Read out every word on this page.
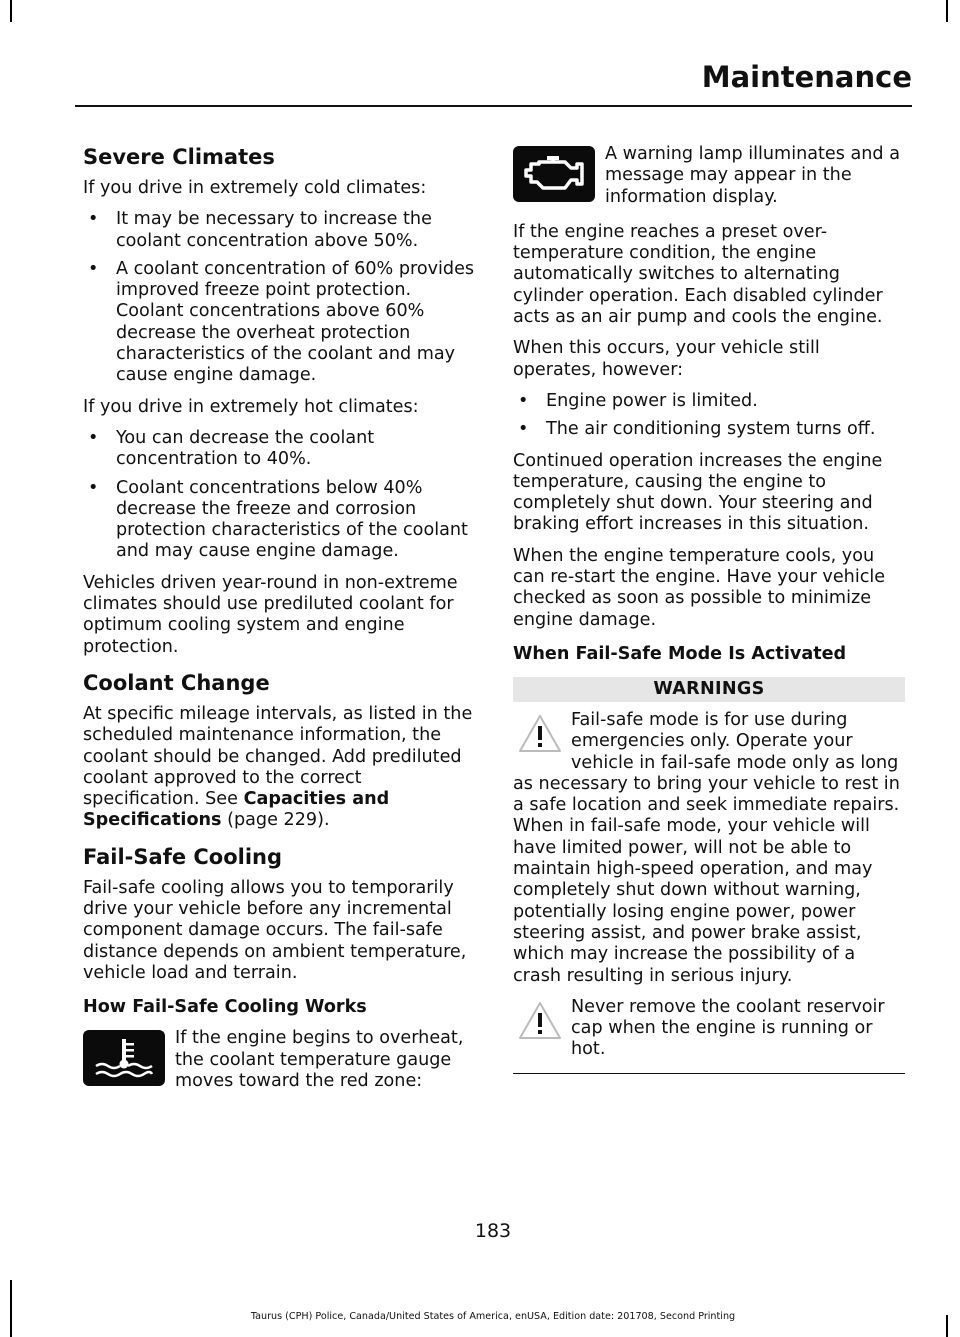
Maintenance
Severe Climates

If you drive in extremely cold climates:

• It may be necessary to increase the coolant concentration above 50%.
• A coolant concentration of 60% provides improved freeze point protection. Coolant concentrations above 60% decrease the overheat protection characteristics of the coolant and may cause engine damage.

If you drive in extremely hot climates:

• You can decrease the coolant concentration to 40%.
• Coolant concentrations below 40% decrease the freeze and corrosion protection characteristics of the coolant and may cause engine damage.

Vehicles driven year-round in non-extreme climates should use prediluted coolant for optimum cooling system and engine protection.

Coolant Change

At specific mileage intervals, as listed in the scheduled maintenance information, the coolant should be changed. Add prediluted coolant approved to the correct specification. See Capacities and Specifications (page 229).

Fail-Safe Cooling

Fail-safe cooling allows you to temporarily drive your vehicle before any incremental component damage occurs. The fail-safe distance depends on ambient temperature, vehicle load and terrain.

How Fail-Safe Cooling Works
If the engine begins to overheat, the coolant temperature gauge moves toward the red zone:
A warning lamp illuminates and a message may appear in the information display.

If the engine reaches a preset over-temperature condition, the engine automatically switches to alternating cylinder operation. Each disabled cylinder acts as an air pump and cools the engine.

When this occurs, your vehicle still operates, however:

• Engine power is limited.
• The air conditioning system turns off.

Continued operation increases the engine temperature, causing the engine to completely shut down. Your steering and braking effort increases in this situation.

When the engine temperature cools, you can re-start the engine. Have your vehicle checked as soon as possible to minimize engine damage.

When Fail-Safe Mode Is Activated
WARNINGS
Fail-safe mode is for use during emergencies only. Operate your vehicle in fail-safe mode only as long as necessary to bring your vehicle to rest in a safe location and seek immediate repairs. When in fail-safe mode, your vehicle will have limited power, will not be able to maintain high-speed operation, and may completely shut down without warning, potentially losing engine power, power steering assist, and power brake assist, which may increase the possibility of a crash resulting in serious injury.
Never remove the coolant reservoir cap when the engine is running or hot.
183
Taurus (CPH) Police, Canada/United States of America, enUSA, Edition date: 201708, Second Printing
